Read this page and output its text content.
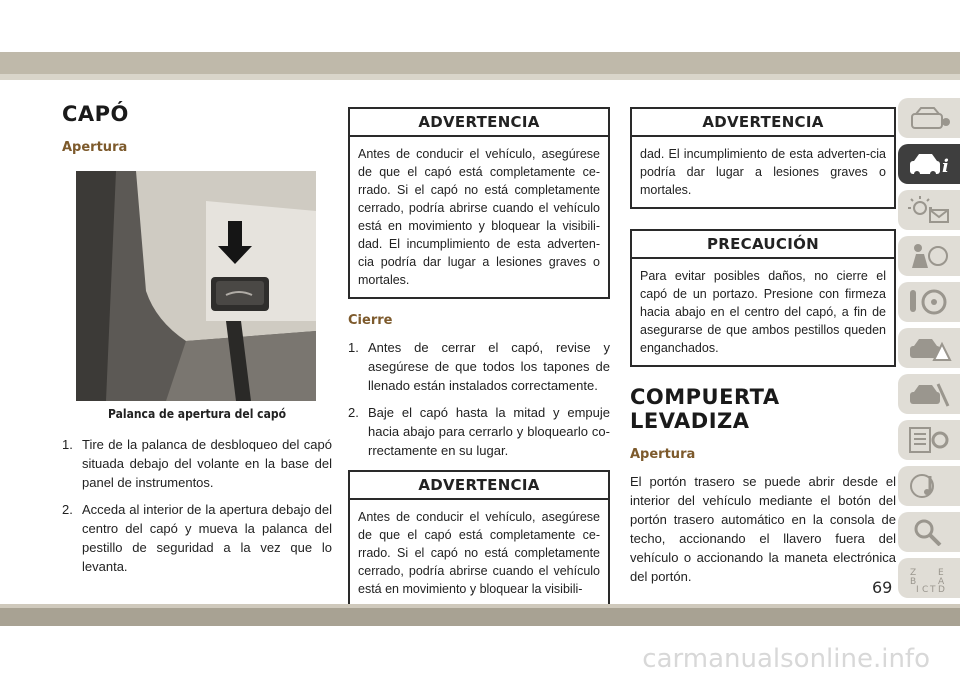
CAPÓ
Apertura
Palanca de apertura del capó
1. Tire de la palanca de desbloqueo del capó situada debajo del volante en la base del panel de instrumentos.
2. Acceda al interior de la apertura debajo del centro del capó y mueva la palanca del pestillo de seguridad a la vez que lo levanta.
ADVERTENCIA
Antes de conducir el vehículo, asegúrese de que el capó está completamente ce-rrado. Si el capó no está completamente cerrado, podría abrirse cuando el vehículo está en movimiento y bloquear la visibili-dad. El incumplimiento de esta adverten-cia podría dar lugar a lesiones graves o mortales.
Cierre
1. Antes de cerrar el capó, revise y asegúrese de que todos los tapones de llenado están instalados correctamente.
2. Baje el capó hasta la mitad y empuje hacia abajo para cerrarlo y bloquearlo co-rrectamente en su lugar.
ADVERTENCIA
Antes de conducir el vehículo, asegúrese de que el capó está completamente ce-rrado. Si el capó no está completamente cerrado, podría abrirse cuando el vehículo está en movimiento y bloquear la visibili-
ADVERTENCIA
dad. El incumplimiento de esta adverten-cia podría dar lugar a lesiones graves o mortales.
PRECAUCIÓN
Para evitar posibles daños, no cierre el capó de un portazo. Presione con firmeza hacia abajo en el centro del capó, a fin de asegurarse de que ambos pestillos queden enganchados.
COMPUERTA LEVADIZA
Apertura

El portón trasero se puede abrir desde el interior del vehículo mediante el botón del portón trasero automático en la consola de techo, accionando el llavero fuera del vehículo o accionando la maneta electrónica del portón.

i
Z E
B A
I C T D
69
carmanualsonline.info
